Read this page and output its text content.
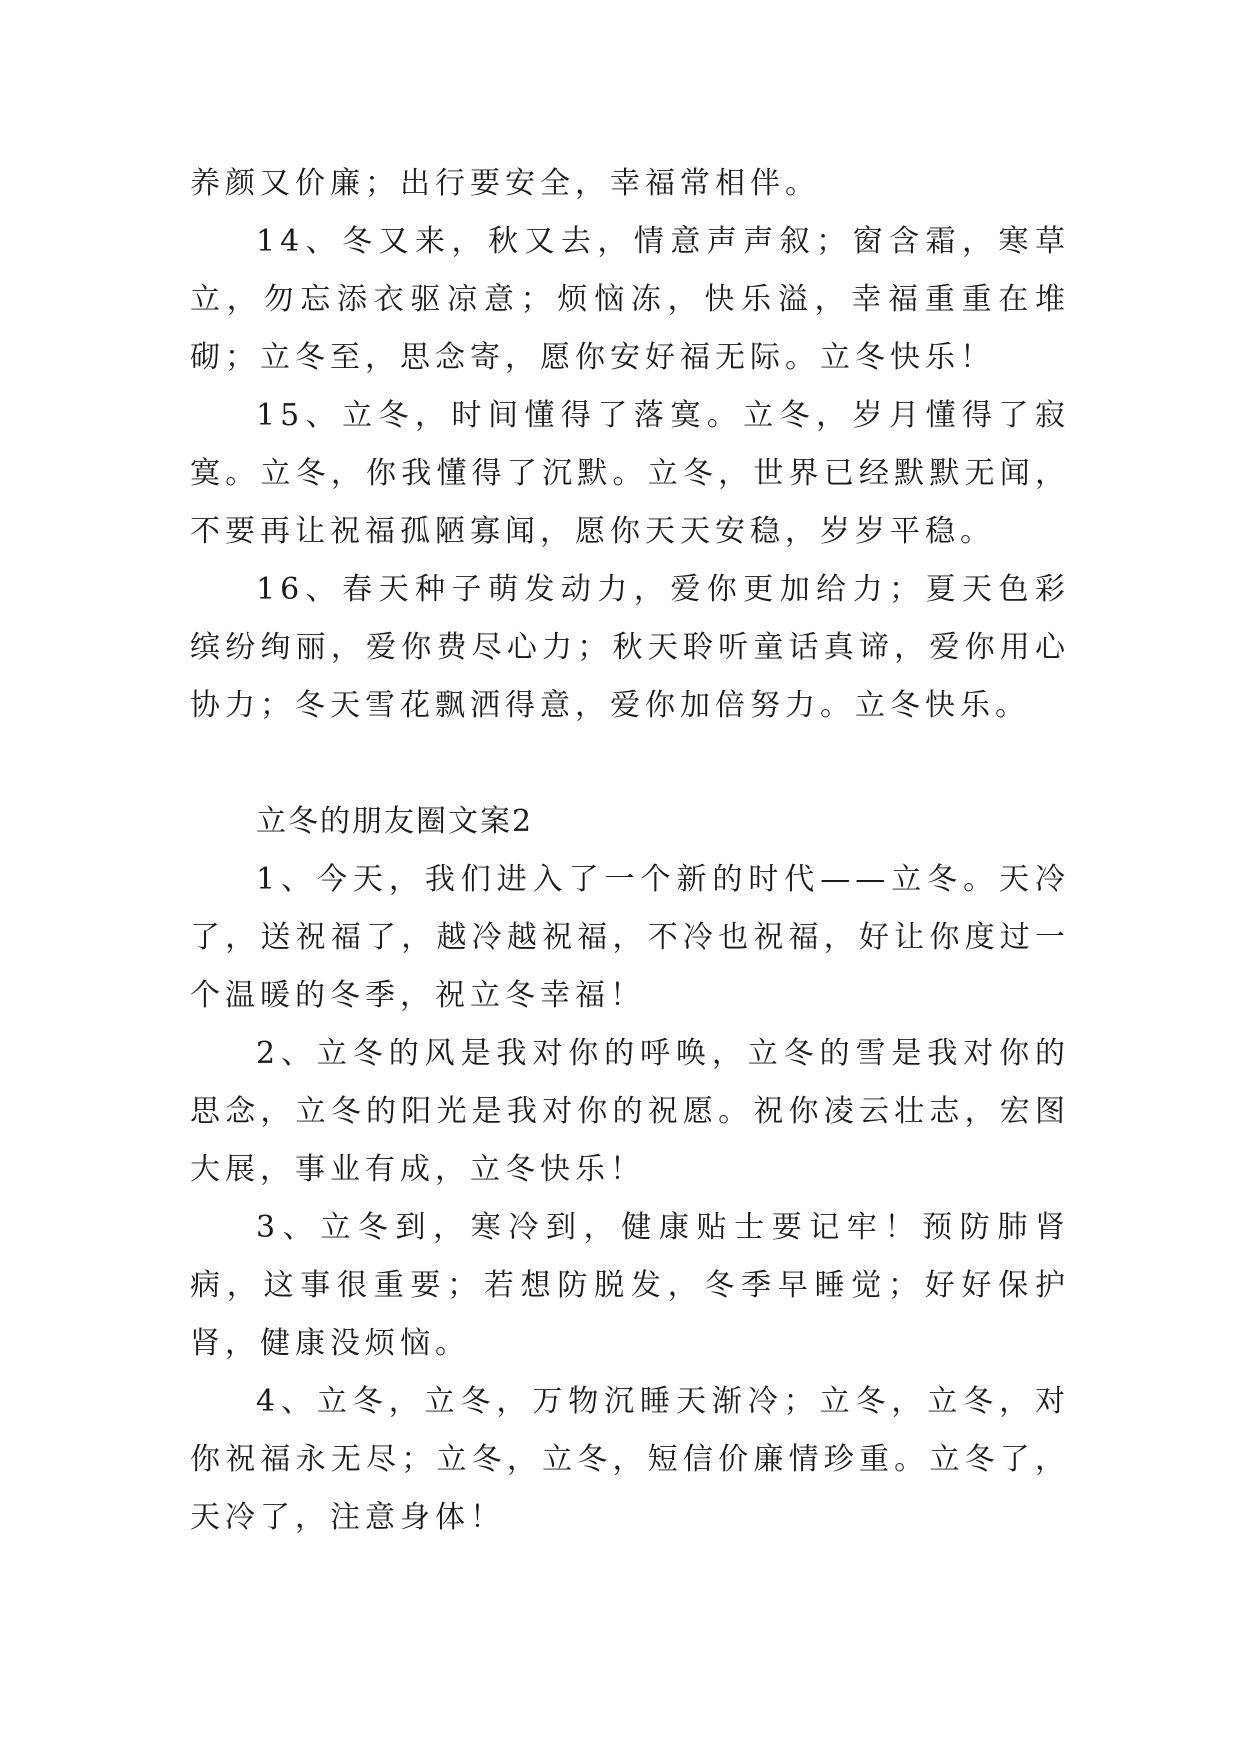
养颜又价廉；出行要安全，幸福常相伴。

14、冬又来，秋又去，情意声声叙；窗含霜，寒草立，勿忘添衣驱凉意；烦恼冻，快乐溢，幸福重重在堆砌；立冬至，思念寄，愿你安好福无际。立冬快乐！

15、立冬，时间懂得了落寞。立冬，岁月懂得了寂寞。立冬，你我懂得了沉默。立冬，世界已经默默无闻，不要再让祝福孤陋寡闻，愿你天天安稳，岁岁平稳。

16、春天种子萌发动力，爱你更加给力；夏天色彩缤纷绚丽，爱你费尽心力；秋天聆听童话真谛，爱你用心协力；冬天雪花飘洒得意，爱你加倍努力。立冬快乐。

立冬的朋友圈文案2

1、今天，我们进入了一个新的时代——立冬。天冷了，送祝福了，越冷越祝福，不冷也祝福，好让你度过一个温暖的冬季，祝立冬幸福！

2、立冬的风是我对你的呼唤，立冬的雪是我对你的思念，立冬的阳光是我对你的祝愿。祝你凌云壮志，宏图大展，事业有成，立冬快乐！

3、立冬到，寒冷到，健康贴士要记牢！预防肺肾病，这事很重要；若想防脱发，冬季早睡觉；好好保护肾，健康没烦恼。

4、立冬，立冬，万物沉睡天渐冷；立冬，立冬，对你祝福永无尽；立冬，立冬，短信价廉情珍重。立冬了，天冷了，注意身体！
